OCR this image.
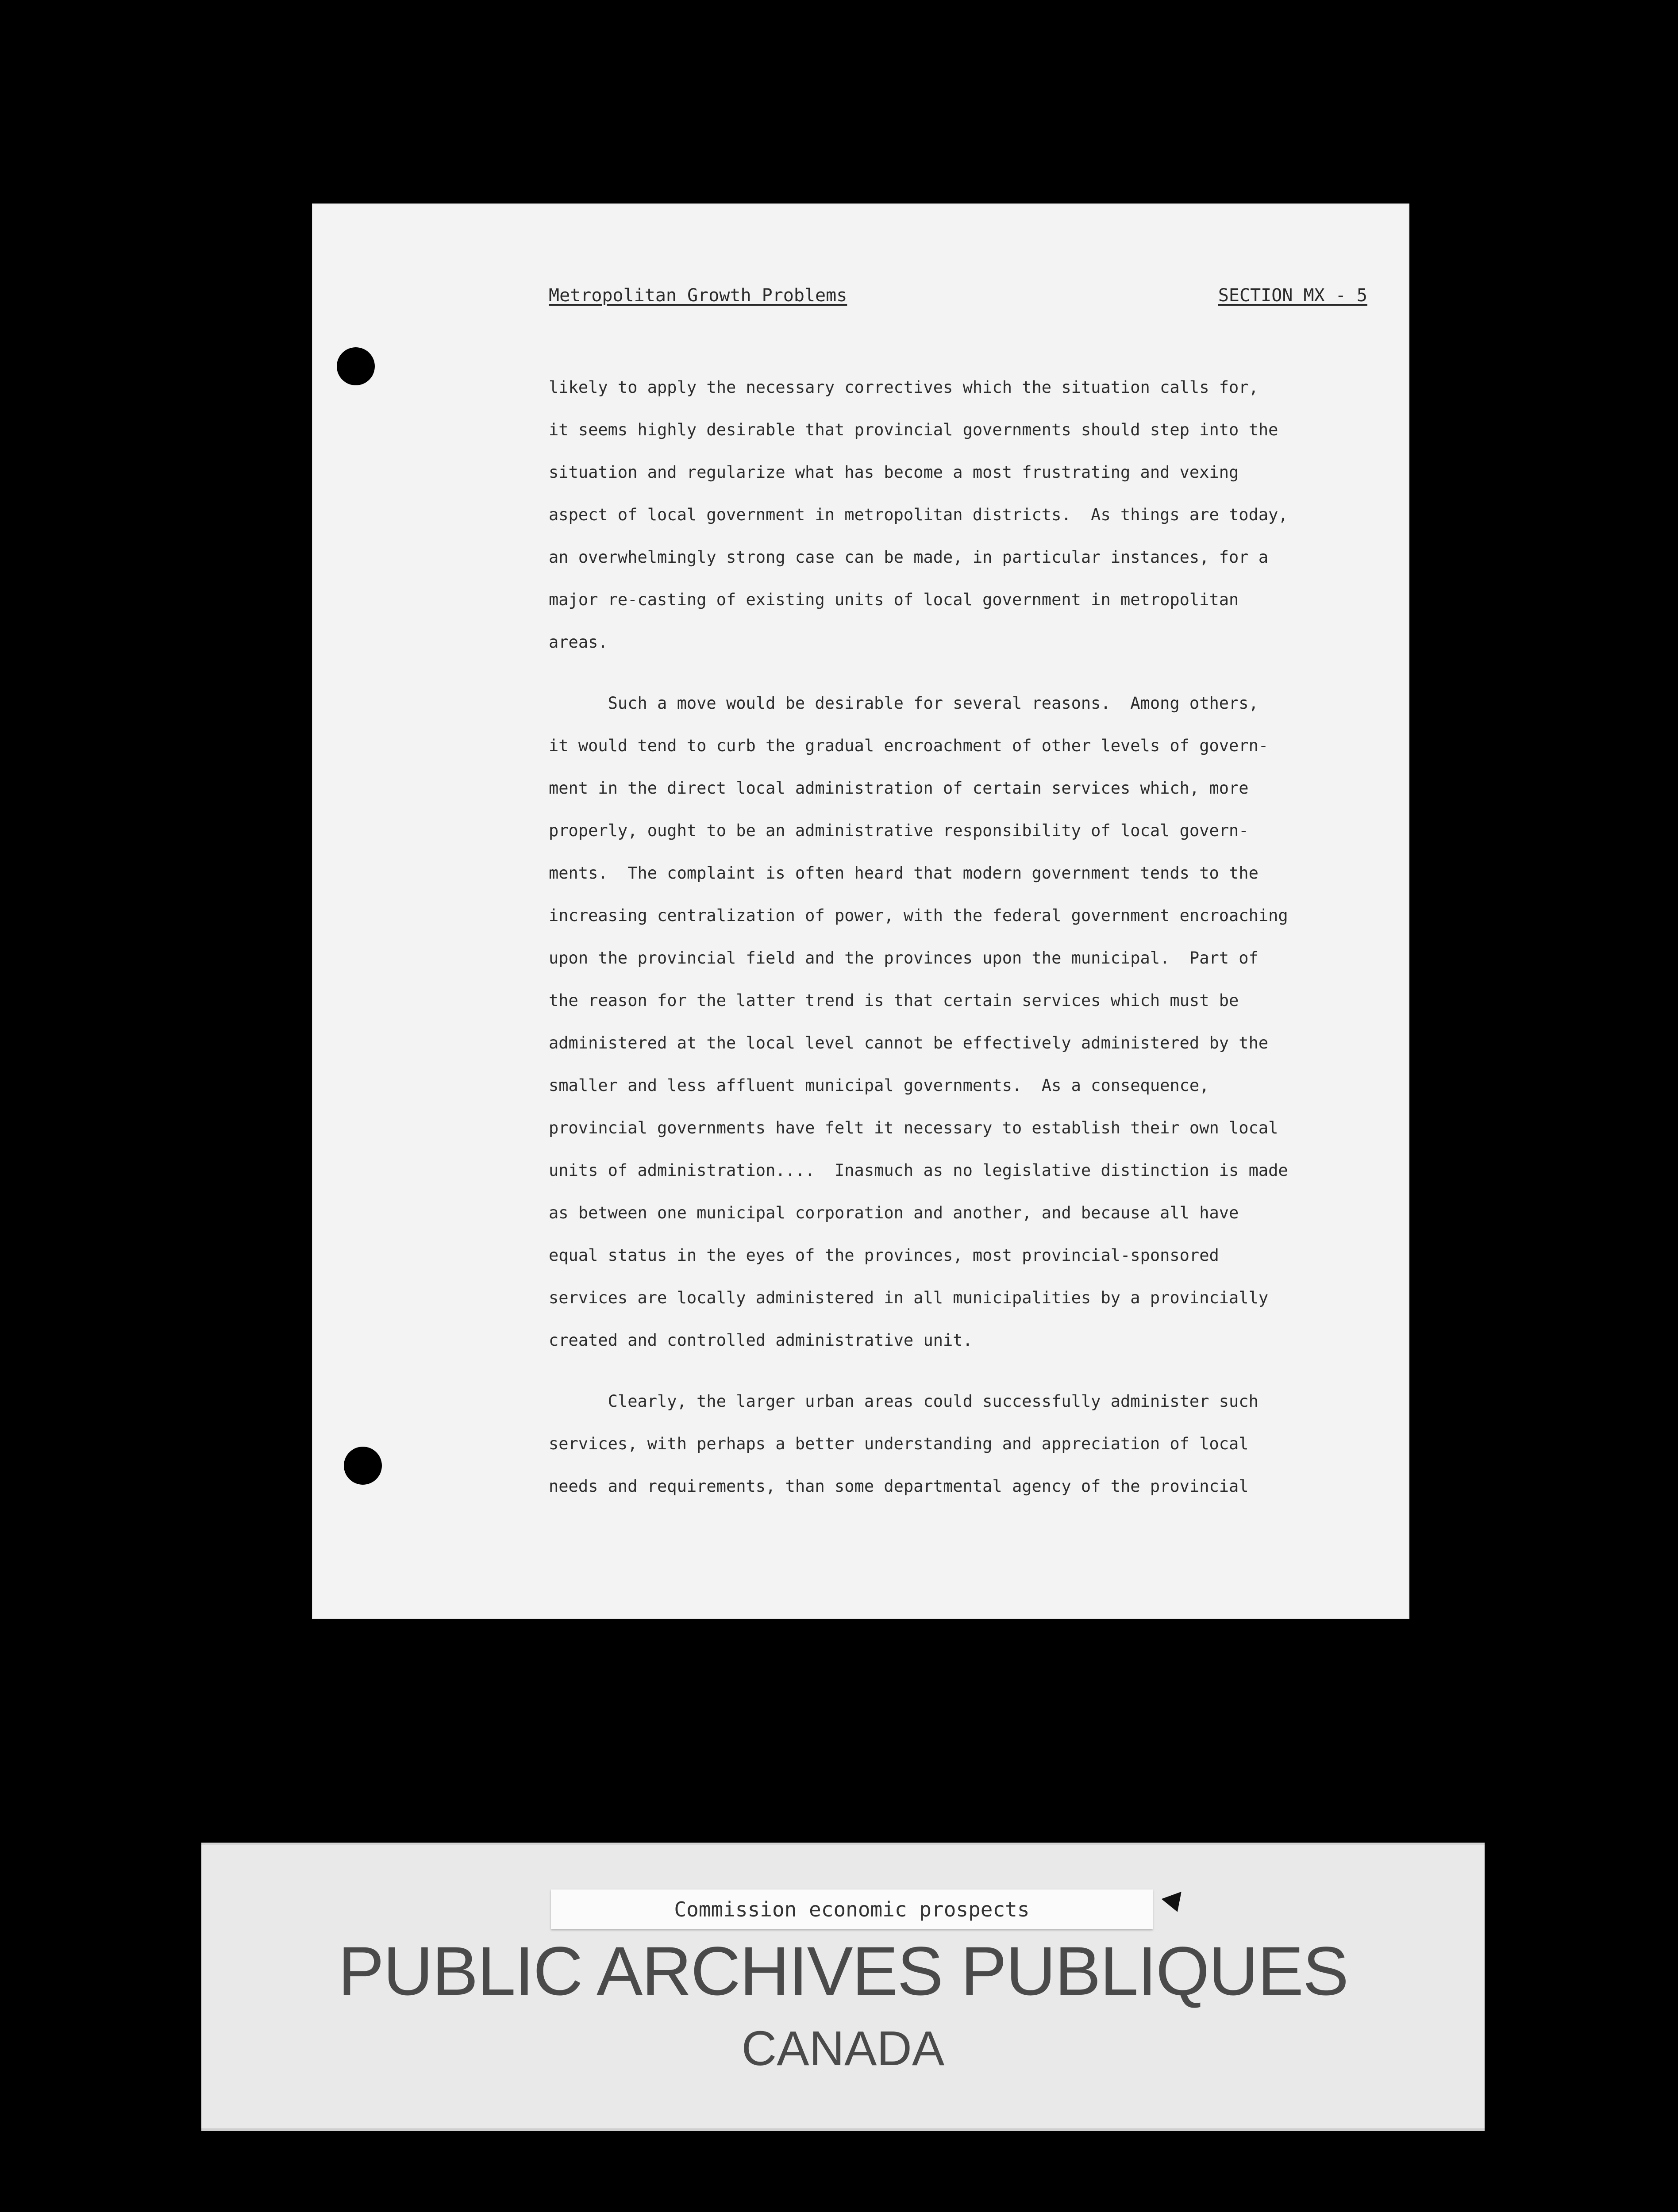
Metropolitan Growth Problems	SECTION MX - 5
likely to apply the necessary correctives which the situation calls for,
it seems highly desirable that provincial governments should step into the
situation and regularize what has become a most frustrating and vexing
aspect of local government in metropolitan districts.  As things are today,
an overwhelmingly strong case can be made, in particular instances, for a
major re-casting of existing units of local government in metropolitan
areas.
Such a move would be desirable for several reasons.  Among others,
it would tend to curb the gradual encroachment of other levels of govern-
ment in the direct local administration of certain services which, more
properly, ought to be an administrative responsibility of local govern-
ments.  The complaint is often heard that modern government tends to the
increasing centralization of power, with the federal government encroaching
upon the provincial field and the provinces upon the municipal.  Part of
the reason for the latter trend is that certain services which must be
administered at the local level cannot be effectively administered by the
smaller and less affluent municipal governments.  As a consequence,
provincial governments have felt it necessary to establish their own local
units of administration....  Inasmuch as no legislative distinction is made
as between one municipal corporation and another, and because all have
equal status in the eyes of the provinces, most provincial-sponsored
services are locally administered in all municipalities by a provincially
created and controlled administrative unit.
Clearly, the larger urban areas could successfully administer such
services, with perhaps a better understanding and appreciation of local
needs and requirements, than some departmental agency of the provincial
Commission economic prospects
PUBLIC ARCHIVES PUBLIQUES
CANADA
